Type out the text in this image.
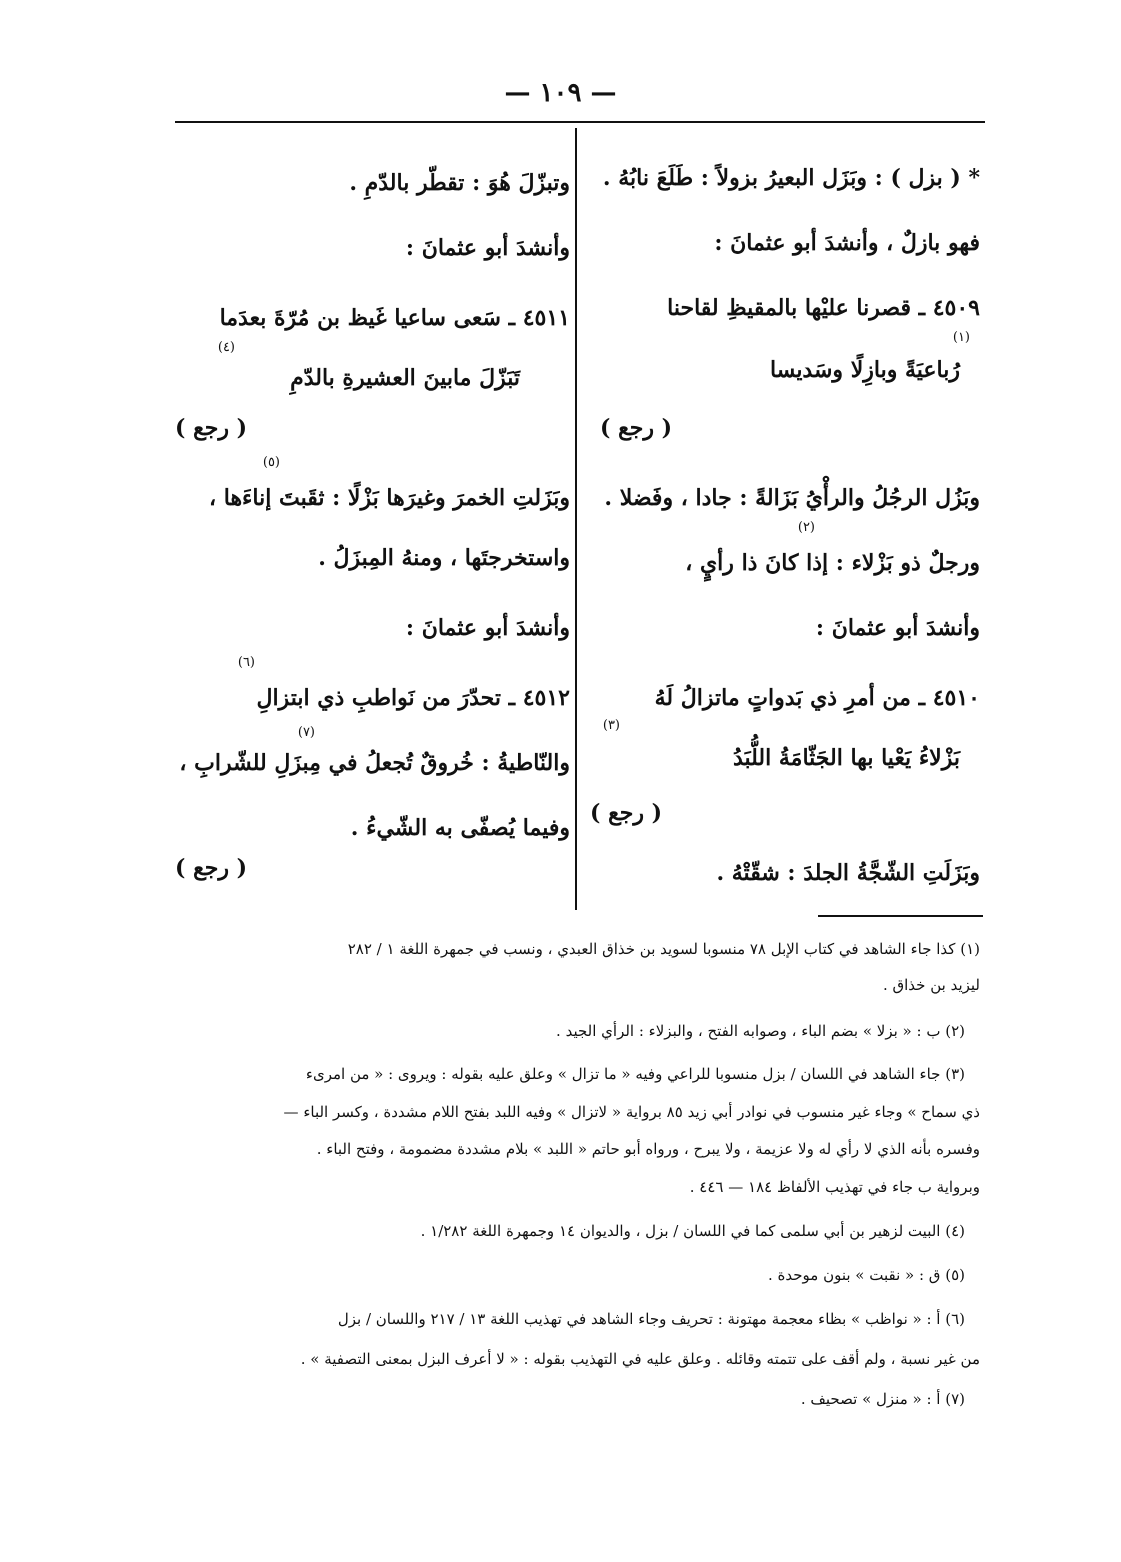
— ١٠٩ —
* ( بزل ) : وبَزَل البعيرُ بزولاً : طَلَعَ نابُهُ .
فهو بازلٌ ، وأنشدَ أبو عثمانَ :
٤٥٠٩ ـ قصرنا عليْها بالمقيظِ لقاحنا
$^{(١)}$
رُباعيَةً وبازِلًا وسَديسا
( رجع )
وبَزُل الرجُلُ والرأْيُ بَزَالةً : جادا ، وفَضلا .
$^{(٢)}$
ورجلٌ ذو بَزْلاء : إذا كانَ ذا رأيٍ ،
وأنشدَ أبو عثمانَ :
٤٥١٠ ـ من أمرِ ذي بَدواتٍ ماتزالُ لَهُ
$^{(٣)}$
بَزْلاءُ يَعْيا بها الجَثّامَةُ اللُّبَدُ
( رجع )
وبَزَلَتِ الشّجَّةُ الجلدَ : شقّتْهُ .
وتبزّلَ هُوَ : تقطّر بالدّمِ .
وأنشدَ أبو عثمانَ :
٤٥١١ ـ سَعى ساعيا غَيظ بن مُرّةَ بعدَما
$^{(٤)}$
تَبَزّلَ مابينَ العشيرةِ بالدّمِ
( رجع )
$^{(٥)}$
وبَزَلتِ الخمرَ وغيرَها بَزْلًا : ثقَبتَ إناءَها ،
واستخرجتَها ، ومنهُ المِبزَلُ .
وأنشدَ أبو عثمانَ :
$^{(٦)}$
٤٥١٢ ـ تحدّرَ من نَواطبِ ذي ابتزالِ
$^{(٧)}$
والنّاطيةُ : خُروقٌ تُجعلُ في مِبزَلِ للشّرابِ ،
وفيما يُصفّى به الشّيءُ .
( رجع )
(١) كذا جاء الشاهد في كتاب الإبل ٧٨ منسوبا لسويد بن خذاق العبدي ، ونسب في جمهرة اللغة ١ / ٢٨٢
ليزيد بن خذاق .
(٢) ب : « بزلا » بضم الباء ، وصوابه الفتح ، والبزلاء : الرأي الجيد .
(٣) جاء الشاهد في اللسان / بزل منسوبا للراعي وفيه « ما تزال » وعلق عليه بقوله : ويروى : « من امرىء
ذي سماح » وجاء غير منسوب في نوادر أبي زيد ٨٥ برواية « لاتزال » وفيه اللبد بفتح اللام مشددة ، وكسر الباء —
وفسره بأنه الذي لا رأي له ولا عزيمة ، ولا يبرح ، ورواه أبو حاتم « اللبد » بلام مشددة مضمومة ، وفتح الباء .
وبرواية ب جاء في تهذيب الألفاظ ١٨٤ — ٤٤٦ .
(٤) البيت لزهير بن أبي سلمى كما في اللسان / بزل ، والديوان ١٤ وجمهرة اللغة ١/٢٨٢ .
(٥) ق : « نقبت » بنون موحدة .
(٦) أ : « نواظب » بظاء معجمة مهتونة : تحريف وجاء الشاهد في تهذيب اللغة ١٣ / ٢١٧ واللسان / بزل
من غير نسبة ، ولم أقف على تتمته وقائله . وعلق عليه في التهذيب بقوله : « لا أعرف البزل بمعنى التصفية » .
(٧) أ : « منزل » تصحيف .
